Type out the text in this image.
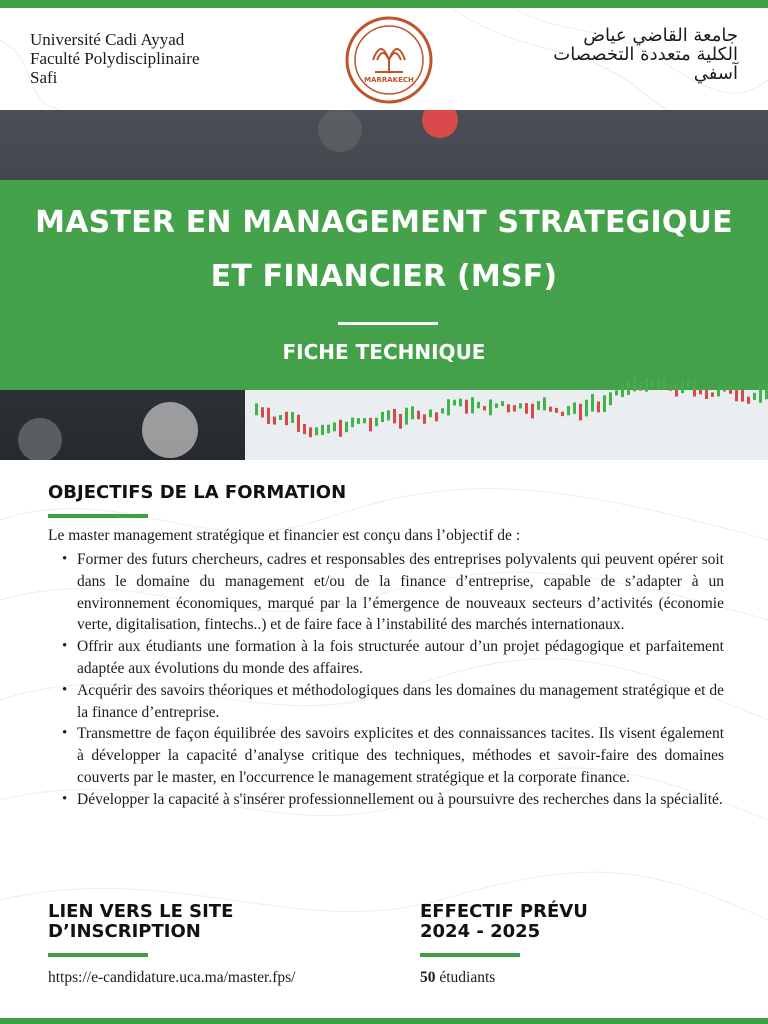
Université Cadi Ayyad
Faculté Polydisciplinaire
Safi	MARRAKECH
جامعة القاضي عياض
الكلية متعددة التخصصات
آسفي
MASTER EN MANAGEMENT STRATEGIQUE
ET FINANCIER (MSF)
FICHE TECHNIQUE
OBJECTIFS DE LA FORMATION
Le master management stratégique et financier est conçu dans l’objectif de :
• Former des futurs chercheurs, cadres et responsables des entreprises polyvalents qui peuvent opérer soit dans le domaine du management et/ou de la finance d’entreprise, capable de s’adapter à un environnement économiques, marqué par la l’émergence de nouveaux secteurs d’activités (économie verte, digitalisation, fintechs..) et de faire face à l’instabilité des marchés internationaux.
• Offrir aux étudiants une formation à la fois structurée autour d’un projet pédagogique et parfaitement adaptée aux évolutions du monde des affaires.
• Acquérir des savoirs théoriques et méthodologiques dans les domaines du management stratégique et de la finance d’entreprise.
• Transmettre de façon équilibrée des savoirs explicites et des connaissances tacites. Ils visent également à développer la capacité d’analyse critique des techniques, méthodes et savoir-faire des domaines couverts par le master, en l'occurrence le management stratégique et la corporate finance.
• Développer la capacité à s'insérer professionnellement ou à poursuivre des recherches dans la spécialité.
LIEN VERS LE SITE
D’INSCRIPTION
https://e-candidature.uca.ma/master.fps/
EFFECTIF PRÉVU
2024 - 2025
50 étudiants
